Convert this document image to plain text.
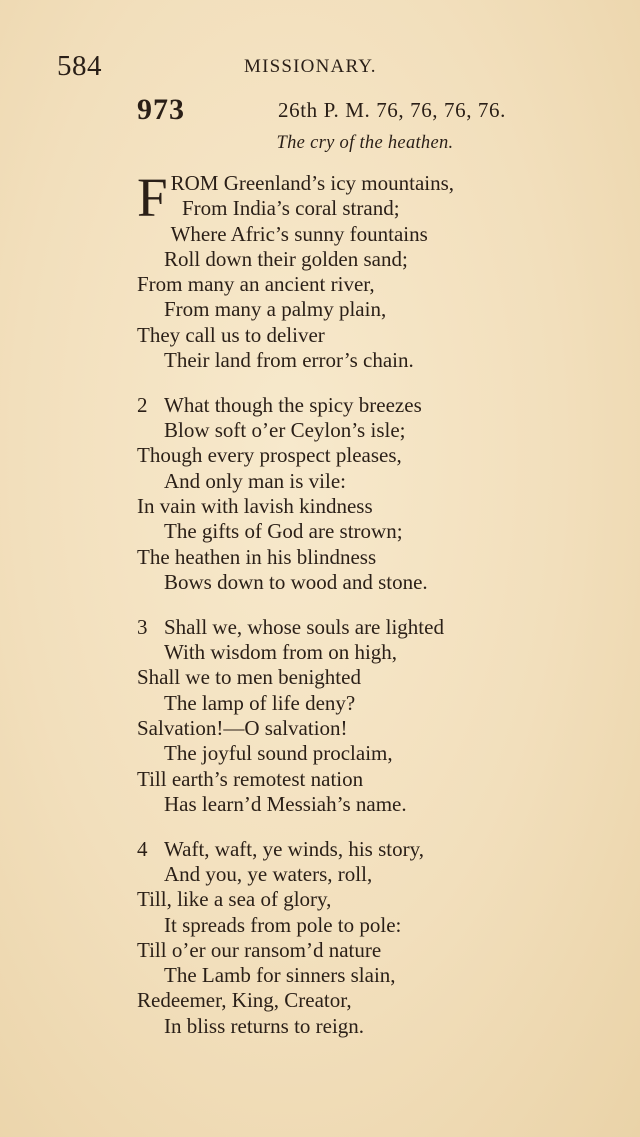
584	MISSIONARY.
973	26th P. M. 76, 76, 76, 76.
The cry of the heathen.
FROM Greenland’s icy mountains,
From India’s coral strand;
Where Afric’s sunny fountains
Roll down their golden sand;
From many an ancient river,
From many a palmy plain,
They call us to deliver
Their land from error’s chain.
2 What though the spicy breezes
Blow soft o’er Ceylon’s isle;
Though every prospect pleases,
And only man is vile:
In vain with lavish kindness
The gifts of God are strown;
The heathen in his blindness
Bows down to wood and stone.
3 Shall we, whose souls are lighted
With wisdom from on high,
Shall we to men benighted
The lamp of life deny?
Salvation!—O salvation!
The joyful sound proclaim,
Till earth’s remotest nation
Has learn’d Messiah’s name.
4 Waft, waft, ye winds, his story,
And you, ye waters, roll,
Till, like a sea of glory,
It spreads from pole to pole:
Till o’er our ransom’d nature
The Lamb for sinners slain,
Redeemer, King, Creator,
In bliss returns to reign.
